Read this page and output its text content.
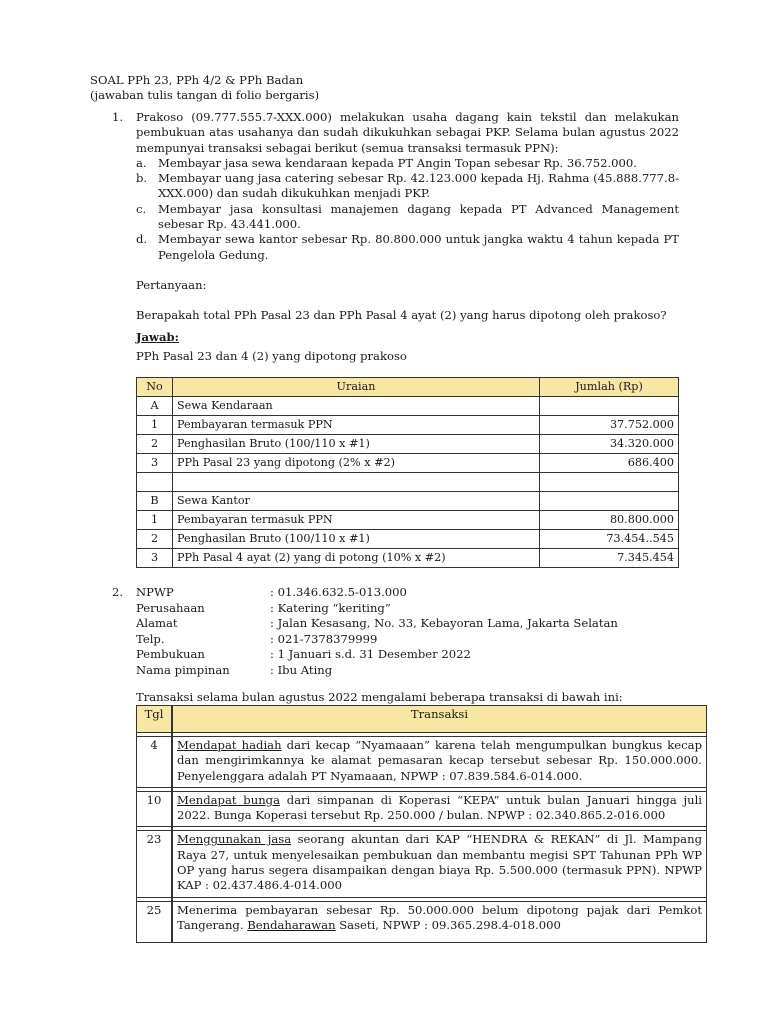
SOAL PPh 23, PPh 4/2 & PPh Badan
(jawaban tulis tangan di folio bergaris)
1. Prakoso (09.777.555.7-XXX.000) melakukan usaha dagang kain tekstil dan melakukan pembukuan atas usahanya dan sudah dikukuhkan sebagai PKP. Selama bulan agustus 2022 mempunyai transaksi sebagai berikut (semua transaksi termasuk PPN):
a. Membayar jasa sewa kendaraan kepada PT Angin Topan sebesar Rp. 36.752.000.
b. Membayar uang jasa catering sebesar Rp. 42.123.000 kepada Hj. Rahma (45.888.777.8-XXX.000) dan sudah dikukuhkan menjadi PKP.
c. Membayar jasa konsultasi manajemen dagang kepada PT Advanced Management sebesar Rp. 43.441.000.
d. Membayar sewa kantor sebesar Rp. 80.800.000 untuk jangka waktu 4 tahun kepada PT Pengelola Gedung.
Pertanyaan:
Berapakah total PPh Pasal 23 dan PPh Pasal 4 ayat (2) yang harus dipotong oleh prakoso?
Jawab:
PPh Pasal 23 dan 4 (2) yang dipotong prakoso
No	Uraian	Jumlah (Rp)
A	Sewa Kendaraan	
1	Pembayaran termasuk PPN	37.752.000
2	Penghasilan Bruto (100/110 x #1)	34.320.000
3	PPh Pasal 23 yang dipotong (2% x #2)	686.400

B	Sewa Kantor	
1	Pembayaran termasuk PPN	80.800.000
2	Penghasilan Bruto (100/110 x #1)	73.454..545
3	PPh Pasal 4 ayat (2) yang di potong (10% x #2)	7.345.454
2. NPWP	: 01.346.632.5-013.000
Perusahaan	: Katering “keriting”
Alamat	: Jalan Kesasang, No. 33, Kebayoran Lama, Jakarta Selatan
Telp.	: 021-7378379999
Pembukuan	: 1 Januari s.d. 31 Desember 2022
Nama pimpinan	: Ibu Ating
Transaksi selama bulan agustus 2022 mengalami beberapa transaksi di bawah ini:
Tgl	Transaksi

4	Mendapat hadiah dari kecap “Nyamaaan” karena telah mengumpulkan bungkus kecap dan mengirimkannya ke alamat pemasaran kecap tersebut sebesar Rp. 150.000.000. Penyelenggara adalah PT Nyamaaan, NPWP : 07.839.584.6-014.000.

10	Mendapat bunga dari simpanan di Koperasi “KEPA” untuk bulan Januari hingga juli 2022. Bunga Koperasi tersebut Rp. 250.000 / bulan. NPWP : 02.340.865.2-016.000

23	Menggunakan jasa seorang akuntan dari KAP “HENDRA & REKAN” di Jl. Mampang Raya 27, untuk menyelesaikan pembukuan dan membantu megisi SPT Tahunan PPh WP OP yang harus segera disampaikan dengan biaya Rp. 5.500.000 (termasuk PPN). NPWP KAP : 02.437.486.4-014.000

25	Menerima pembayaran sebesar Rp. 50.000.000 belum dipotong pajak dari Pemkot Tangerang. Bendaharawan Saseti, NPWP : 09.365.298.4-018.000
